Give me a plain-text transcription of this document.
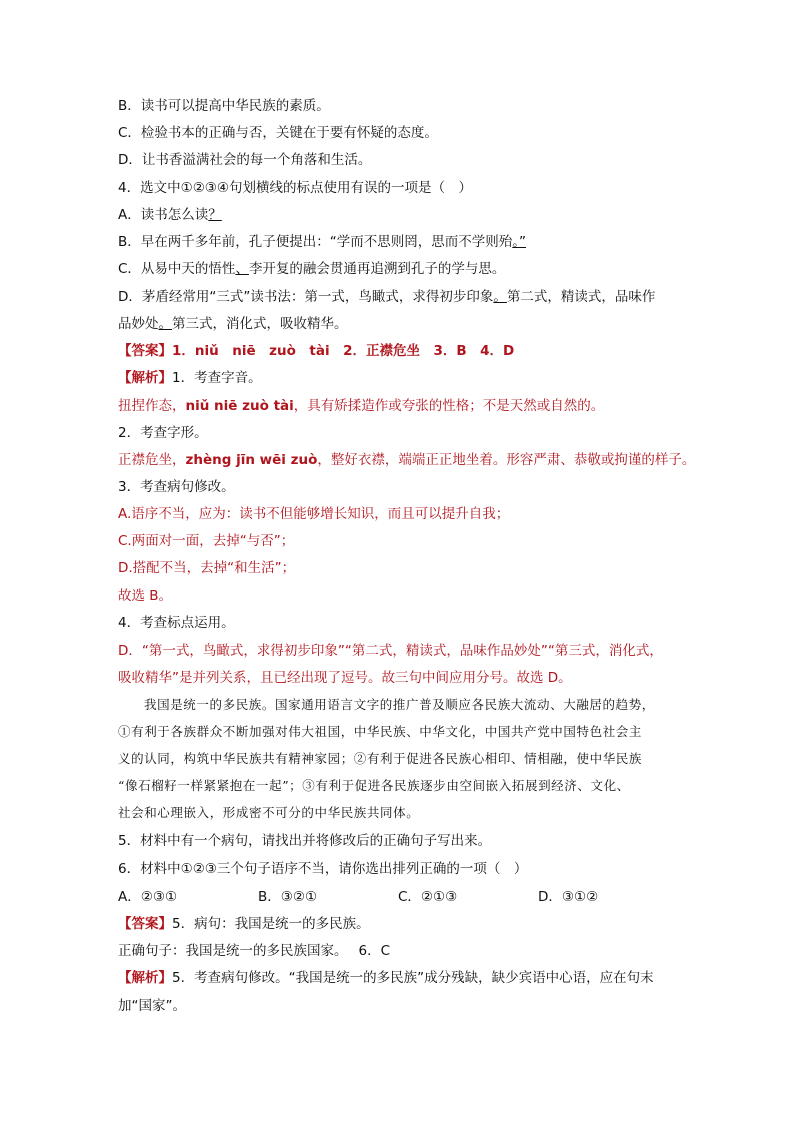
B．读书可以提高中华民族的素质。
C．检验书本的正确与否，关键在于要有怀疑的态度。
D．让书香溢满社会的每一个角落和生活。
4．选文中①②③④句划横线的标点使用有误的一项是（　）
A．读书怎么读？
B．早在两千多年前，孔子便提出：“学而不思则罔，思而不学则殆。”
C．从易中天的悟性、李开复的融会贯通再追溯到孔子的学与思。
D．茅盾经常用“三式”读书法：第一式，鸟瞰式，求得初步印象。第二式，精读式，品味作
品妙处。第三式，消化式，吸收精华。
【答案】1．niǔ　niē　zuò　tài　2．正襟危坐　3．B　4．D
【解析】1．考查字音。
扭捏作态，niǔ niē zuò tài，具有矫揉造作或夸张的性格；不是天然或自然的。
2．考查字形。
正襟危坐，zhèng jīn wēi zuò，整好衣襟，端端正正地坐着。形容严肃、恭敬或拘谨的样子。
3．考查病句修改。
A.语序不当，应为：读书不但能够增长知识，而且可以提升自我；
C.两面对一面，去掉“与否”；
D.搭配不当，去掉“和生活”；
故选 B。
4．考查标点运用。
D．“第一式，鸟瞰式，求得初步印象”“第二式，精读式，品味作品妙处”“第三式，消化式，
吸收精华”是并列关系，且已经出现了逗号。故三句中间应用分号。故选 D。
我国是统一的多民族。国家通用语言文字的推广普及顺应各民族大流动、大融居的趋势，
①有利于各族群众不断加强对伟大祖国，中华民族、中华文化，中国共产党中国特色社会主
义的认同，构筑中华民族共有精神家园；②有利于促进各民族心相印、情相融，使中华民族
“像石榴籽一样紧紧抱在一起”；③有利于促进各民族逐步由空间嵌入拓展到经济、文化、
社会和心理嵌入，形成密不可分的中华民族共同体。
5．材料中有一个病句，请找出并将修改后的正确句子写出来。
6．材料中①②③三个句子语序不当，请你选出排列正确的一项（　）
A．②③①	B．③②①	C．②①③	D．③①②
【答案】5．病句：我国是统一的多民族。
正确句子：我国是统一的多民族国家。　 6．C
【解析】5．考查病句修改。“我国是统一的多民族”成分残缺，缺少宾语中心语，应在句末
加“国家”。
